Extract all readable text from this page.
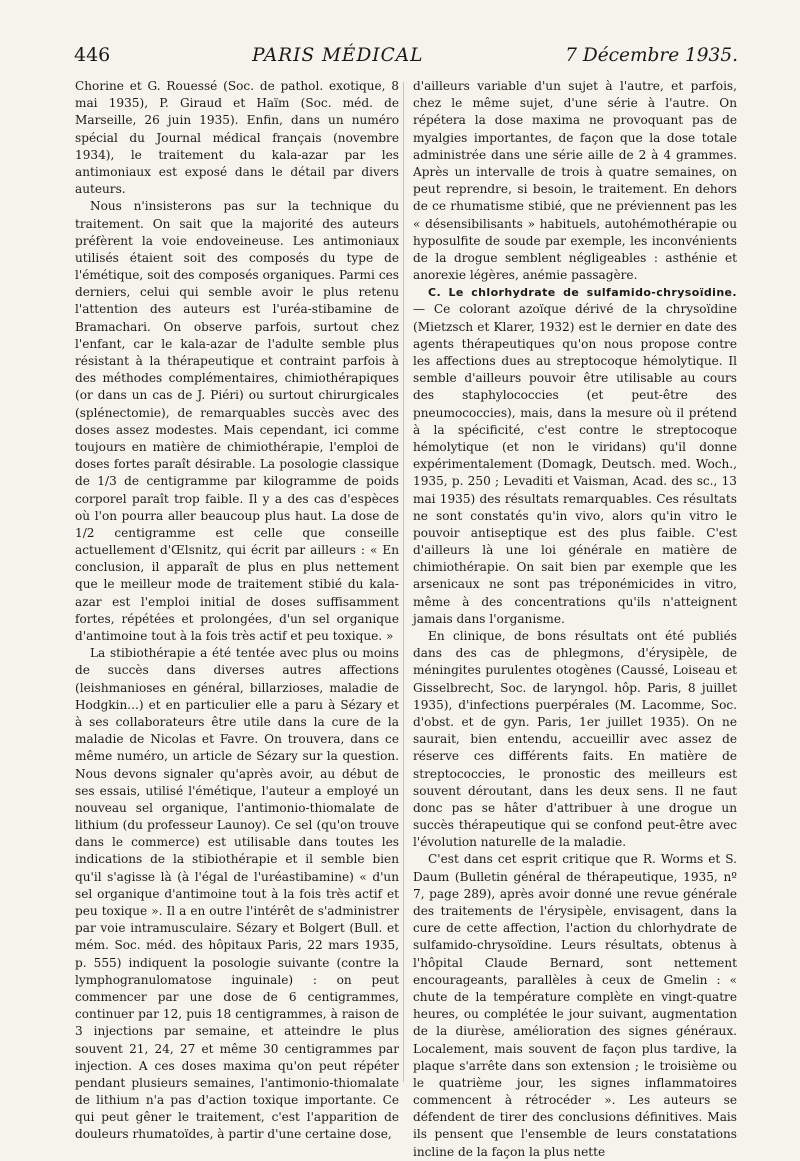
446	PARIS MÉDICAL	7 Décembre 1935.

Chorine et G. Rouessé (Soc. de pathol. exotique, 8 mai 1935), P. Giraud et Haïm (Soc. méd. de Marseille, 26 juin 1935). Enfin, dans un numéro spécial du Journal médical français (novembre 1934), le traitement du kala-azar par les antimoniaux est exposé dans le détail par divers auteurs.

Nous n'insisterons pas sur la technique du traitement. On sait que la majorité des auteurs préfèrent la voie endoveineuse. Les antimoniaux utilisés étaient soit des composés du type de l'émétique, soit des composés organiques. Parmi ces derniers, celui qui semble avoir le plus retenu l'attention des auteurs est l'uréa-stibamine de Bramachari. On observe parfois, surtout chez l'enfant, car le kala-azar de l'adulte semble plus résistant à la thérapeutique et contraint parfois à des méthodes complémentaires, chimiothérapiques (or dans un cas de J. Piéri) ou surtout chirurgicales (splénectomie), de remarquables succès avec des doses assez modestes. Mais cependant, ici comme toujours en matière de chimiothérapie, l'emploi de doses fortes paraît désirable. La posologie classique de 1/3 de centigramme par kilogramme de poids corporel paraît trop faible. Il y a des cas d'espèces où l'on pourra aller beaucoup plus haut. La dose de 1/2 centigramme est celle que conseille actuellement d'Œlsnitz, qui écrit par ailleurs : « En conclusion, il apparaît de plus en plus nettement que le meilleur mode de traitement stibié du kala-azar est l'emploi initial de doses suffisamment fortes, répétées et prolongées, d'un sel organique d'antimoine tout à la fois très actif et peu toxique. »

La stibiothérapie a été tentée avec plus ou moins de succès dans diverses autres affections (leishmanioses en général, billarzioses, maladie de Hodgkin...) et en particulier elle a paru à Sézary et à ses collaborateurs être utile dans la cure de la maladie de Nicolas et Favre. On trouvera, dans ce même numéro, un article de Sézary sur la question. Nous devons signaler qu'après avoir, au début de ses essais, utilisé l'émétique, l'auteur a employé un nouveau sel organique, l'antimonio-thiomalate de lithium (du professeur Launoy). Ce sel (qu'on trouve dans le commerce) est utilisable dans toutes les indications de la stibiothérapie et il semble bien qu'il s'agisse là (à l'égal de l'uréastibamine) « d'un sel organique d'antimoine tout à la fois très actif et peu toxique ». Il a en outre l'intérêt de s'administrer par voie intramusculaire. Sézary et Bolgert (Bull. et mém. Soc. méd. des hôpitaux Paris, 22 mars 1935, p. 555) indiquent la posologie suivante (contre la lymphogranulomatose inguinale) : on peut commencer par une dose de 6 centigrammes, continuer par 12, puis 18 centigrammes, à raison de 3 injections par semaine, et atteindre le plus souvent 21, 24, 27 et même 30 centigrammes par injection. A ces doses maxima qu'on peut répéter pendant plusieurs semaines, l'antimonio-thiomalate de lithium n'a pas d'action toxique importante. Ce qui peut gêner le traitement, c'est l'apparition de douleurs rhumatoïdes, à partir d'une certaine dose,

d'ailleurs variable d'un sujet à l'autre, et parfois, chez le même sujet, d'une série à l'autre. On répétera la dose maxima ne provoquant pas de myalgies importantes, de façon que la dose totale administrée dans une série aille de 2 à 4 grammes. Après un intervalle de trois à quatre semaines, on peut reprendre, si besoin, le traitement. En dehors de ce rhumatisme stibié, que ne préviennent pas les « désensibilisants » habituels, autohémothérapie ou hyposulfite de soude par exemple, les inconvénients de la drogue semblent négligeables : asthénie et anorexie légères, anémie passagère.

C. Le chlorhydrate de sulfamido-chrysoïdine. — Ce colorant azoïque dérivé de la chrysoïdine (Mietzsch et Klarer, 1932) est le dernier en date des agents thérapeutiques qu'on nous propose contre les affections dues au streptocoque hémolytique. Il semble d'ailleurs pouvoir être utilisable au cours des staphylococcies (et peut-être des pneumococcies), mais, dans la mesure où il prétend à la spécificité, c'est contre le streptocoque hémolytique (et non le viridans) qu'il donne expérimentalement (Domagk, Deutsch. med. Woch., 1935, p. 250 ; Levaditi et Vaisman, Acad. des sc., 13 mai 1935) des résultats remarquables. Ces résultats ne sont constatés qu'in vivo, alors qu'in vitro le pouvoir antiseptique est des plus faible. C'est d'ailleurs là une loi générale en matière de chimiothérapie. On sait bien par exemple que les arsenicaux ne sont pas tréponémicides in vitro, même à des concentrations qu'ils n'atteignent jamais dans l'organisme.

En clinique, de bons résultats ont été publiés dans des cas de phlegmons, d'érysipèle, de méningites purulentes otogènes (Caussé, Loiseau et Gisselbrecht, Soc. de laryngol. hôp. Paris, 8 juillet 1935), d'infections puerpérales (M. Lacomme, Soc. d'obst. et de gyn. Paris, 1er juillet 1935). On ne saurait, bien entendu, accueillir avec assez de réserve ces différents faits. En matière de streptococcies, le pronostic des meilleurs est souvent déroutant, dans les deux sens. Il ne faut donc pas se hâter d'attribuer à une drogue un succès thérapeutique qui se confond peut-être avec l'évolution naturelle de la maladie.

C'est dans cet esprit critique que R. Worms et S. Daum (Bulletin général de thérapeutique, 1935, nº 7, page 289), après avoir donné une revue générale des traitements de l'érysipèle, envisagent, dans la cure de cette affection, l'action du chlorhydrate de sulfamido-chrysoïdine. Leurs résultats, obtenus à l'hôpital Claude Bernard, sont nettement encourageants, parallèles à ceux de Gmelin : « chute de la température complète en vingt-quatre heures, ou complétée le jour suivant, augmentation de la diurèse, amélioration des signes généraux. Localement, mais souvent de façon plus tardive, la plaque s'arrête dans son extension ; le troisième ou le quatrième jour, les signes inflammatoires commencent à rétrocéder ». Les auteurs se défendent de tirer des conclusions définitives. Mais ils pensent que l'ensemble de leurs constatations incline de la façon la plus nette
